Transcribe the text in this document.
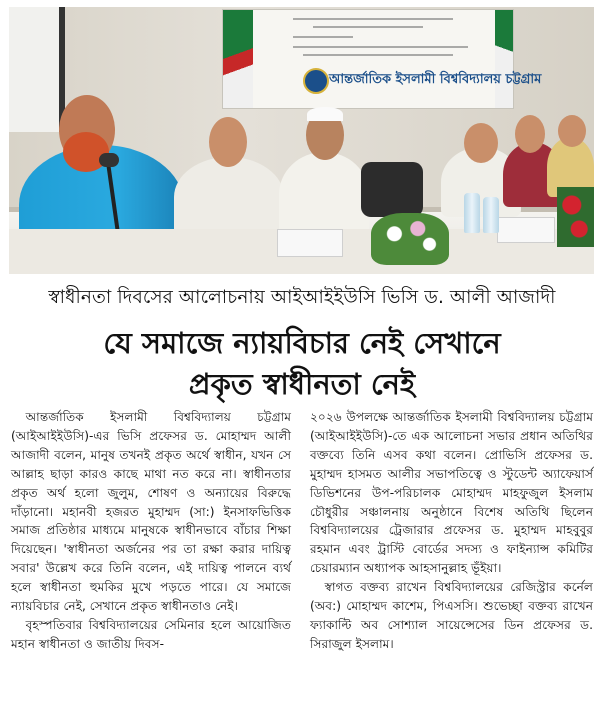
আন্তর্জাতিক ইসলামী বিশ্ববিদ্যালয় চট্টগ্রাম
স্বাধীনতা দিবসের আলোচনায় আইআইইউসি ভিসি ড. আলী আজাদী
যে সমাজে ন্যায়বিচার নেই সেখানে
প্রকৃত স্বাধীনতা নেই

আন্তর্জাতিক ইসলামী বিশ্ববিদ্যালয় চট্টগ্রাম (আইআইইউসি)-এর ভিসি প্রফেসর ড. মোহাম্মদ আলী আজাদী বলেন, মানুষ তখনই প্রকৃত অর্থে স্বাধীন, যখন সে আল্লাহ ছাড়া কারও কাছে মাথা নত করে না। স্বাধীনতার প্রকৃত অর্থ হলো জুলুম, শোষণ ও অন্যায়ের বিরুদ্ধে দাঁড়ানো। মহানবী হজরত মুহাম্মদ (সা:) ইনসাফভিত্তিক সমাজ প্রতিষ্ঠার মাধ্যমে মানুষকে স্বাধীনভাবে বাঁচার শিক্ষা দিয়েছেন। 'স্বাধীনতা অর্জনের পর তা রক্ষা করার দায়িত্ব সবার' উল্লেখ করে তিনি বলেন, এই দায়িত্ব পালনে ব্যর্থ হলে স্বাধীনতা হুমকির মুখে পড়তে পারে। যে সমাজে ন্যায়বিচার নেই, সেখানে প্রকৃত স্বাধীনতাও নেই।

বৃহস্পতিবার বিশ্ববিদ্যালয়ের সেমিনার হলে আয়োজিত মহান স্বাধীনতা ও জাতীয় দিবস-

২০২৬ উপলক্ষে আন্তর্জাতিক ইসলামী বিশ্ববিদ্যালয় চট্টগ্রাম (আইআইইউসি)-তে এক আলোচনা সভার প্রধান অতিথির বক্তব্যে তিনি এসব কথা বলেন। প্রোভিসি প্রফেসর ড. মুহাম্মদ হাসমত আলীর সভাপতিত্বে ও স্টুডেন্ট অ্যাফেয়ার্স ডিভিশনের উপ-পরিচালক মোহাম্মদ মাহফুজুল ইসলাম চৌধুরীর সঞ্চালনায় অনুষ্ঠানে বিশেষ অতিথি ছিলেন বিশ্ববিদ্যালয়ের ট্রেজারার প্রফেসর ড. মুহাম্মদ মাহবুবুর রহমান এবং ট্রাস্টি বোর্ডের সদস্য ও ফাইন্যান্স কমিটির চেয়ারম্যান অধ্যাপক আহসানুল্লাহ ভূঁইয়া।

স্বাগত বক্তব্য রাখেন বিশ্ববিদ্যালয়ের রেজিস্ট্রার কর্নেল (অব:) মোহাম্মদ কাশেম, পিএসসি। শুভেচ্ছা বক্তব্য রাখেন ফ্যাকাল্টি অব সোশ্যাল সায়েন্সেসের ডিন প্রফেসর ড. সিরাজুল ইসলাম।
